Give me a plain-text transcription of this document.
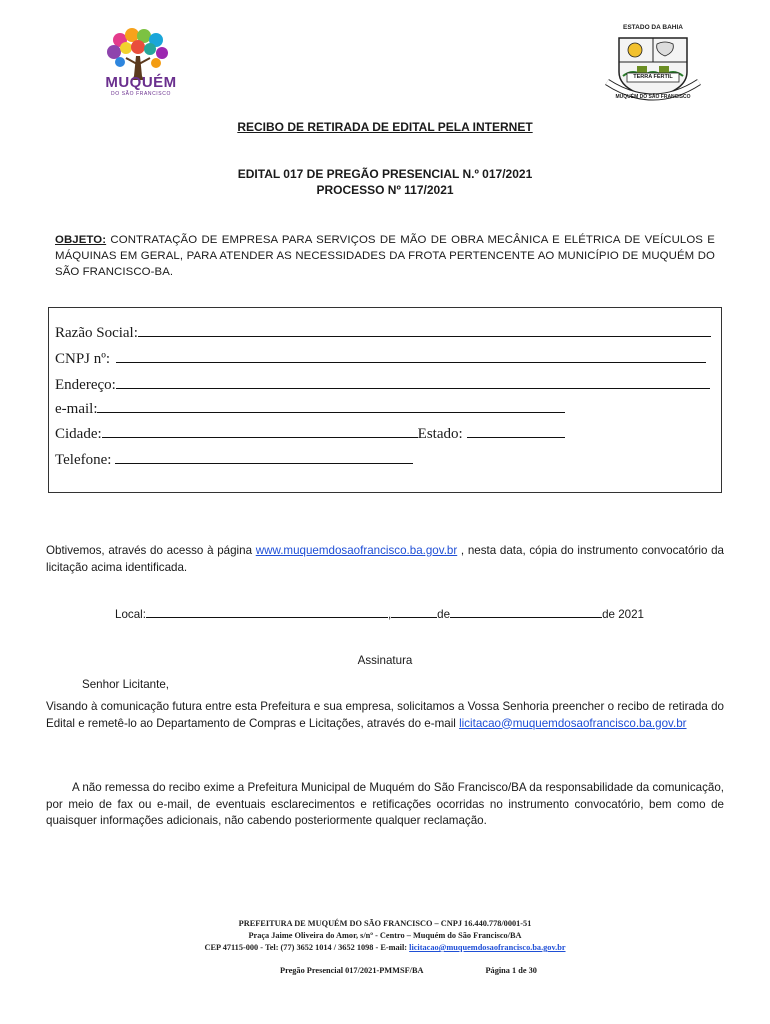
MUQUÉM
DO SÃO FRANCISCO
ESTADO DA BAHIA
TERRA FÉRTIL
MUQUÉM DO SÃO FRANCISCO
RECIBO DE RETIRADA DE EDITAL PELA INTERNET
EDITAL 017 DE PREGÃO PRESENCIAL N.º 017/2021
PROCESSO Nº 117/2021
OBJETO: CONTRATAÇÃO DE EMPRESA PARA SERVIÇOS DE MÃO DE OBRA MECÂNICA E ELÉTRICA DE VEÍCULOS E MÁQUINAS EM GERAL, PARA ATENDER AS NECESSIDADES DA FROTA PERTENCENTE AO MUNICÍPIO DE MUQUÉM DO SÃO FRANCISCO-BA.
Razão Social:
CNPJ nº:
Endereço:
e-mail:
Cidade:	Estado:
Telefone:
Obtivemos, através do acesso à página www.muquemdosaofrancisco.ba.gov.br , nesta data, cópia do instrumento convocatório da licitação acima identificada.
Local:	,	de	de 2021
Assinatura
Senhor Licitante,
Visando à comunicação futura entre esta Prefeitura e sua empresa, solicitamos a Vossa Senhoria preencher o recibo de retirada do Edital e remetê-lo ao Departamento de Compras e Licitações, através do e-mail licitacao@muquemdosaofrancisco.ba.gov.br
A não remessa do recibo exime a Prefeitura Municipal de Muquém do São Francisco/BA da responsabilidade da comunicação, por meio de fax ou e-mail, de eventuais esclarecimentos e retificações ocorridas no instrumento convocatório, bem como de quaisquer informações adicionais, não cabendo posteriormente qualquer reclamação.
PREFEITURA DE MUQUÉM DO SÃO FRANCISCO – CNPJ 16.440.778/0001-51
Praça Jaime Oliveira do Amor, s/nº - Centro – Muquém do São Francisco/BA
CEP 47115-000 - Tel: (77) 3652 1014 / 3652 1098 - E-mail: licitacao@muquemdosaofrancisco.ba.gov.br
Pregão Presencial 017/2021-PMMSF/BA	Página 1 de 30
